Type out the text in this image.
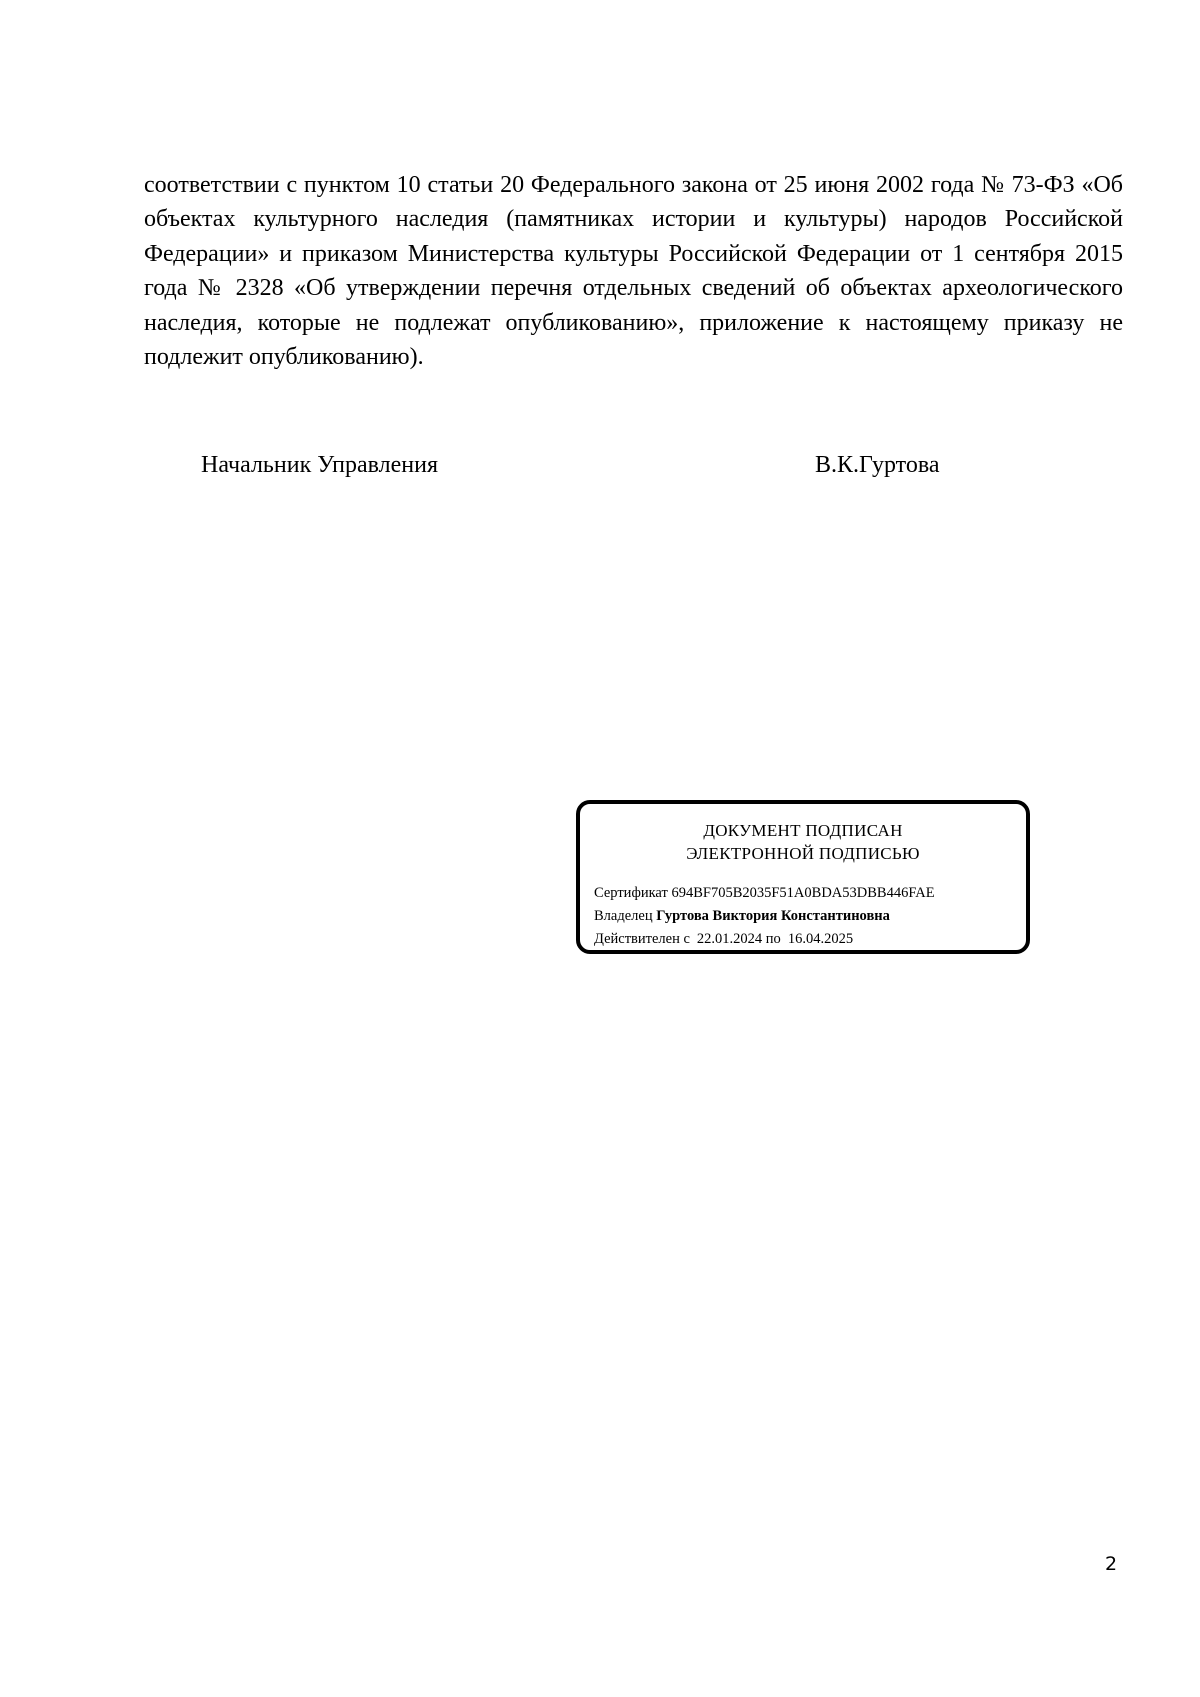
соответствии с пунктом 10 статьи 20 Федерального закона от 25 июня 2002 года № 73-ФЗ «Об объектах культурного наследия (памятниках истории и культуры) народов Российской Федерации» и приказом Министерства культуры Российской Федерации от 1 сентября 2015 года № 2328 «Об утверждении перечня отдельных сведений об объектах археологического наследия, которые не подлежат опубликованию», приложение к настоящему приказу не подлежит опубликованию).

Начальник Управления	В.К.Гуртова

ДОКУМЕНТ ПОДПИСАН

ЭЛЕКТРОННОЙ ПОДПИСЬЮ

Сертификат 694BF705B2035F51A0BDA53DBB446FAE

Владелец Гуртова Виктория Константиновна

Действителен с 22.01.2024 по 16.04.2025

2
